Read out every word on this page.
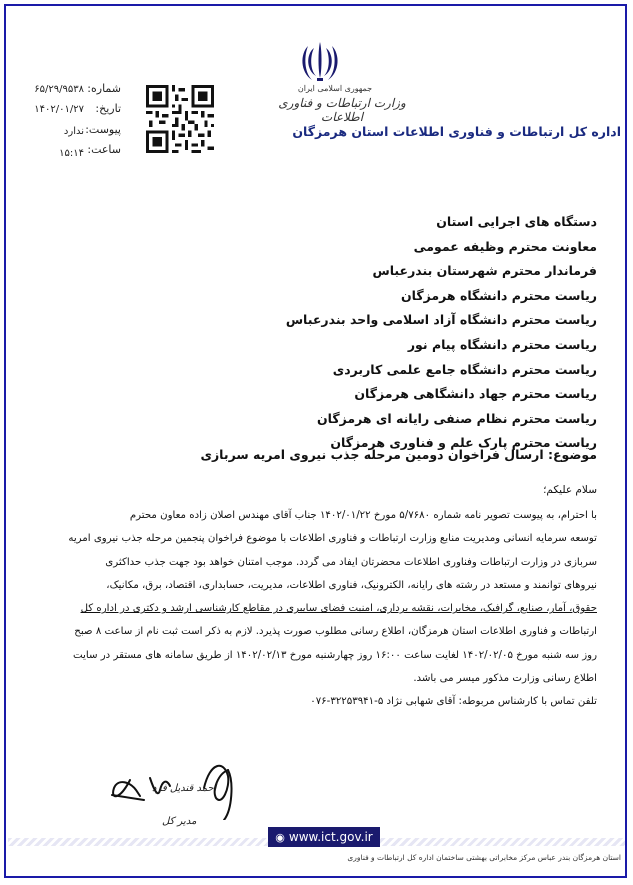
شماره:
۶۵/۲۹/۹۵۳۸
تاریخ:
۱۴۰۲/۰۱/۲۷
پیوست:
ندارد
ساعت:
۱۵:۱۴
جمهوری اسلامی ایران
وزارت ارتباطات و فناوری اطلاعات
اداره کل ارتباطات و فناوری اطلاعات استان هرمزگان
دستگاه های اجرایی استان
معاونت محترم وظیفه عمومی
فرماندار محترم شهرستان بندرعباس
ریاست محترم دانشگاه هرمزگان
ریاست محترم دانشگاه آزاد اسلامی واحد بندرعباس
ریاست محترم دانشگاه پیام نور
ریاست محترم دانشگاه جامع علمی کاربردی
ریاست محترم جهاد دانشگاهی هرمزگان
ریاست محترم نظام صنفی رایانه ای هرمزگان
ریاست محترم پارک علم و فناوری هرمزگان
موضوع: ارسال فراخوان دومین مرحله جذب نیروی امریه سربازی
سلام علیکم؛
با احترام، به پیوست تصویر نامه شماره ۵/۷۶۸۰ مورخ ۱۴۰۲/۰۱/۲۲ جناب آقای مهندس اصلان زاده معاون محترم
توسعه سرمایه انسانی ومدیریت منابع وزارت ارتباطات و فناوری اطلاعات با موضوع فراخوان پنجمین مرحله جذب نیروی امریه
سربازی در وزارت ارتباطات وفناوری اطلاعات محضرتان ایفاد می گردد. موجب امتنان خواهد بود جهت جذب حداکثری
نیروهای توانمند و مستعد در رشته های رایانه، الکترونیک، فناوری اطلاعات، مدیریت، حسابداری، اقتصاد، برق، مکانیک،
حقوق، آمار، صنایع، گرافیک، مخابرات، نقشه برداری، امنیت فضای سایبری در مقاطع کارشناسی ارشد و دکتری در اداره کل
ارتباطات و فناوری اطلاعات استان هرمزگان، اطلاع رسانی مطلوب صورت پذیرد. لازم به ذکر است ثبت نام از ساعت ۸ صبح
روز سه شنبه مورخ ۱۴۰۲/۰۲/۰۵ لغایت ساعت ۱۶:۰۰ روز چهارشنبه مورخ ۱۴۰۲/۰۲/۱۳ از طریق سامانه های مستقر در سایت
اطلاع رسانی وزارت مذکور میسر می باشد.
تلفن تماس با کارشناس مربوطه: آقای شهابی نژاد ۵-۳۲۲۵۳۹۴۱-۰۷۶
احمد قندیل فرد
مدیر کل
◉ www.ict.gov.ir
استان هرمزگان بندر عباس مرکز مخابراتی بهشتی ساختمان اداره کل ارتباطات و فناوری
